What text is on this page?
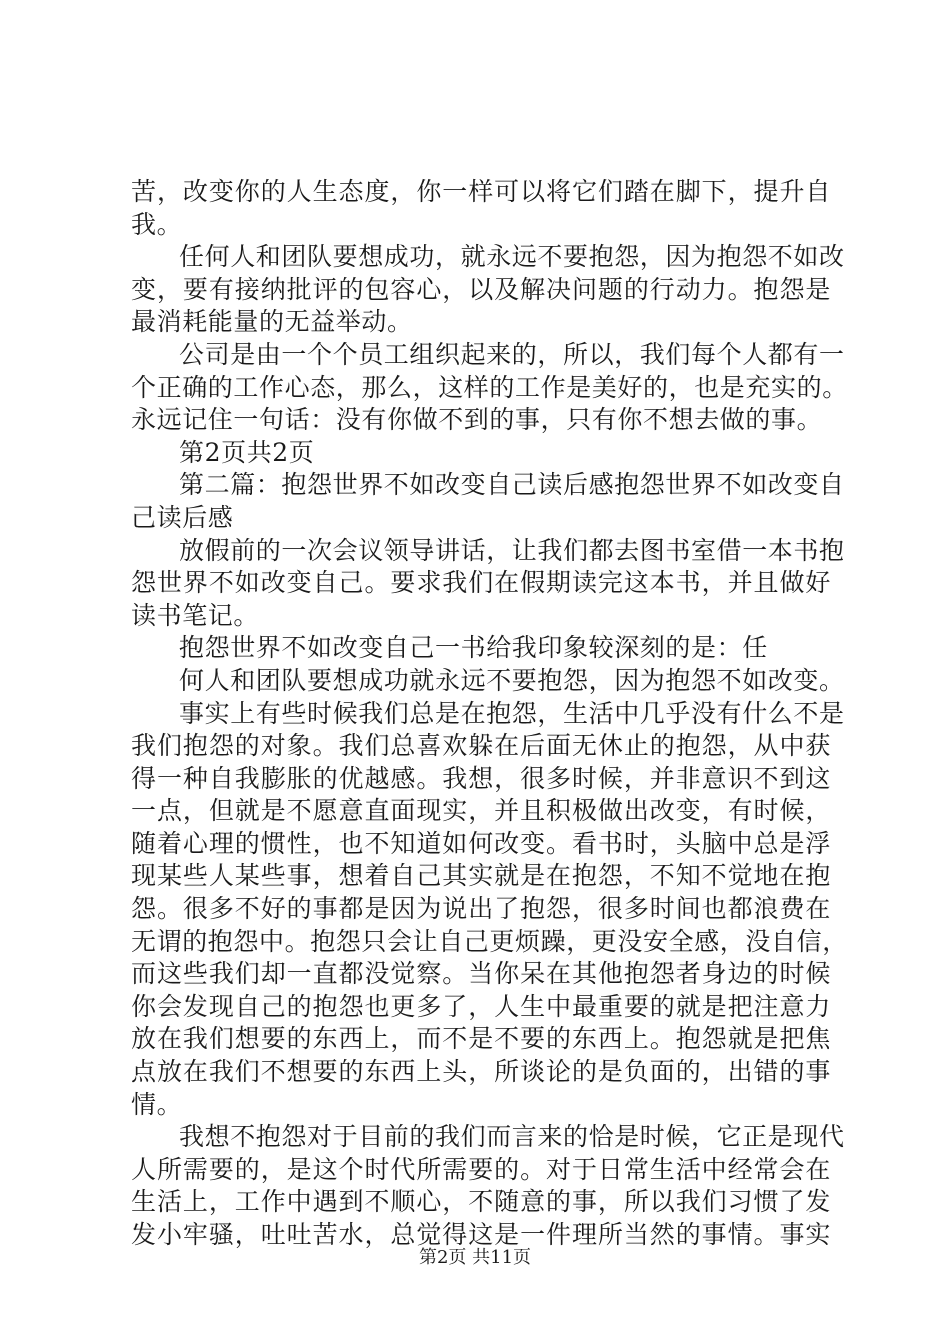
苦，改变你的人生态度，你一样可以将它们踏在脚下，提升自
我。
任何人和团队要想成功，就永远不要抱怨，因为抱怨不如改
变，要有接纳批评的包容心，以及解决问题的行动力。抱怨是
最消耗能量的无益举动。
公司是由一个个员工组织起来的，所以，我们每个人都有一
个正确的工作心态，那么，这样的工作是美好的，也是充实的。
永远记住一句话：没有你做不到的事，只有你不想去做的事。
第2页共2页
第二篇：抱怨世界不如改变自己读后感抱怨世界不如改变自
己读后感
放假前的一次会议领导讲话，让我们都去图书室借一本书抱
怨世界不如改变自己。要求我们在假期读完这本书，并且做好
读书笔记。
抱怨世界不如改变自己一书给我印象较深刻的是：任
何人和团队要想成功就永远不要抱怨，因为抱怨不如改变。
事实上有些时候我们总是在抱怨，生活中几乎没有什么不是
我们抱怨的对象。我们总喜欢躲在后面无休止的抱怨，从中获
得一种自我膨胀的优越感。我想，很多时候，并非意识不到这
一点，但就是不愿意直面现实，并且积极做出改变，有时候，
随着心理的惯性，也不知道如何改变。看书时，头脑中总是浮
现某些人某些事，想着自己其实就是在抱怨，不知不觉地在抱
怨。很多不好的事都是因为说出了抱怨，很多时间也都浪费在
无谓的抱怨中。抱怨只会让自己更烦躁，更没安全感，没自信，
而这些我们却一直都没觉察。当你呆在其他抱怨者身边的时候
你会发现自己的抱怨也更多了，人生中最重要的就是把注意力
放在我们想要的东西上，而不是不要的东西上。抱怨就是把焦
点放在我们不想要的东西上头，所谈论的是负面的，出错的事
情。
我想不抱怨对于目前的我们而言来的恰是时候，它正是现代
人所需要的，是这个时代所需要的。对于日常生活中经常会在
生活上，工作中遇到不顺心，不随意的事，所以我们习惯了发
发小牢骚，吐吐苦水，总觉得这是一件理所当然的事情。事实
第2页 共11页
